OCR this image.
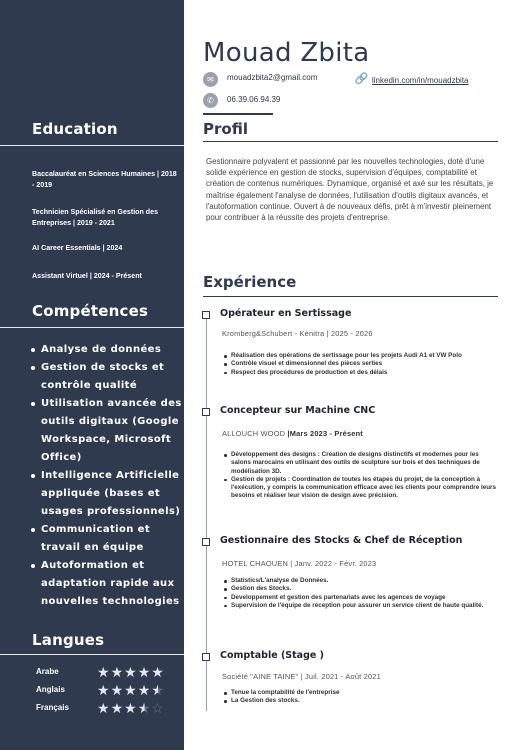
Education
Baccalauréat en Sciences Humaines | 2018 - 2019
Technicien Spécialisé en Gestion des Entreprises | 2019 - 2021
AI Career Essentials | 2024
Assistant Virtuel | 2024 - Présent
Compétences
Analyse de données
Gestion de stocks et contrôle qualité
Utilisation avancée des outils digitaux (Google Workspace, Microsoft Office)
Intelligence Artificielle appliquée (bases et usages professionnels)
Communication et travail en équipe
Autoformation et adaptation rapide aux nouvelles technologies
Langues
Arabe	★★★★★
Anglais ★★★★★
Français ★★★★☆
Mouad Zbita
✉	mouadzbita2@gmail.com	🔗 linkedin.com/in/mouadzbita
✆	06.39.06.94.39
Profil
Gestionnaire polyvalent et passionné par les nouvelles technologies, doté d'une solide expérience en gestion de stocks, supervision d'équipes, comptabilité et création de contenus numériques. Dynamique, organisé et axé sur les résultats, je maîtrise également l'analyse de données, l'utilisation d'outils digitaux avancés, et l'autoformation continue. Ouvert à de nouveaux défis, prêt à m'investir pleinement pour contribuer à la réussite des projets d'entreprise.
Expérience
Opérateur en Sertissage
Kromberg&Schubert - Kénitra | 2025 - 2026
Réalisation des opérations de sertissage pour les projets Audi A1 et VW Polo
Contrôle visuel et dimensionnel des pièces serties
Respect des procédures de production et des délais
Concepteur sur Machine CNC
ALLOUCH WOOD |Mars 2023 - Présent
Développement des designs : Création de designs distinctifs et modernes pour les salons marocains en utilisant des outils de sculpture sur bois et des techniques de modélisation 3D.
Gestion de projets : Coordination de toutes les étapes du projet, de la conception à l'exécution, y compris la communication efficace avec les clients pour comprendre leurs besoins et réaliser leur vision de design avec précision.
Gestionnaire des Stocks & Chef de Réception
HOTEL CHAOUEN | Janv. 2022 - Févr. 2023
Statistics/L'analyse de Données.
Gestion des Stocks.
Developpement et gestion des partenariats avec les agences de voyage
Supervision de l'équipe de réception pour assurer un service client de haute qualité.
Comptable (Stage )
Société "AINE TAINE" | Juil. 2021 - Août 2021
Tenue la comptabilité de l'entreprise
La Gestion des stocks.
